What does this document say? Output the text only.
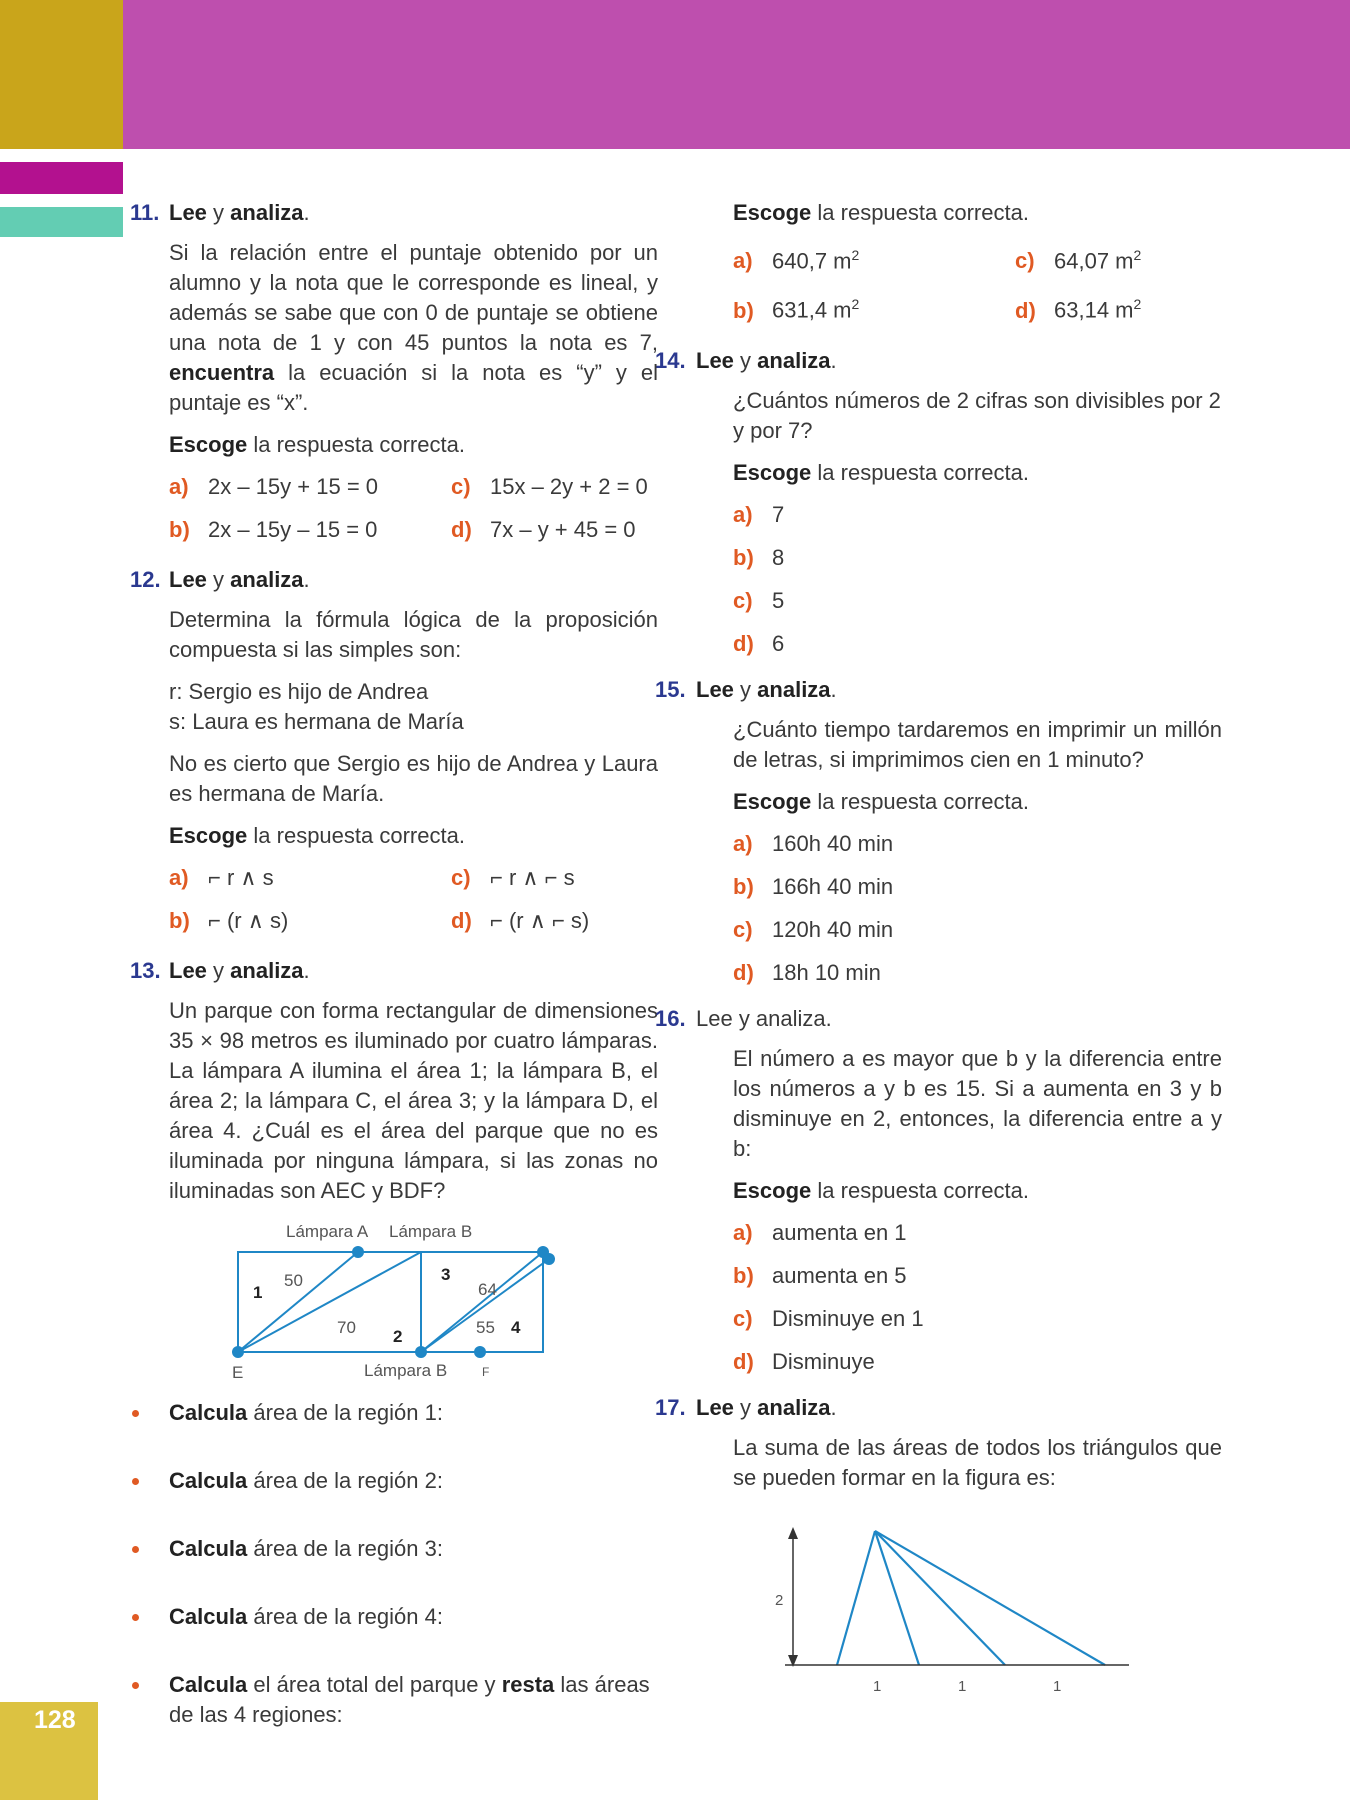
11. Lee y analiza.

Si la relación entre el puntaje obtenido por un alumno y la nota que le corresponde es lineal, y además se sabe que con 0 de puntaje se obtiene una nota de 1 y con 45 puntos la nota es 7, encuentra la ecuación si la nota es “y” y el puntaje es “x”.

Escoge la respuesta correcta.

a) 2x – 15y + 15 = 0	c) 15x – 2y + 2 = 0
b) 2x – 15y – 15 = 0	d) 7x – y + 45 = 0
12. Lee y analiza.

Determina la fórmula lógica de la proposición compuesta si las simples son:

r: Sergio es hijo de Andrea

s: Laura es hermana de María

No es cierto que Sergio es hijo de Andrea y Laura es hermana de María.

Escoge la respuesta correcta.

a) ⌐ r ∧ s	c) ⌐ r ∧ ⌐ s
b) ⌐ (r ∧ s)	d) ⌐ (r ∧ ⌐ s)
13. Lee y analiza.

Un parque con forma rectangular de dimensiones 35 × 98 metros es iluminado por cuatro lámparas. La lámpara A ilumina el área 1; la lámpara B, el área 2; la lámpara C, el área 3; y la lámpara D, el área 4. ¿Cuál es el área del parque que no es iluminada por ninguna lámpara, si las zonas no iluminadas son AEC y BDF?

Lámpara A Lámpara B
E	Lámpara B	F
1
50
70 2
3
64
55 4
Calcula área de la región 1:
Calcula área de la región 2:
Calcula área de la región 3:
Calcula área de la región 4:
Calcula el área total del parque y resta las áreas de las 4 regiones:

Escoge la respuesta correcta.

a) 640,7 $m^2$	c) 64,07 $m^2$
b) 631,4 $m^2$	d) 63,14 $m^2$
14. Lee y analiza.

¿Cuántos números de 2 cifras son divisibles por 2 y por 7?

Escoge la respuesta correcta.

a) 7
b) 8
c) 5
d) 6
15. Lee y analiza.

¿Cuánto tiempo tardaremos en imprimir un millón de letras, si imprimimos cien en 1 minuto?

Escoge la respuesta correcta.

a) 160h 40 min
b) 166h 40 min
c) 120h 40 min
d) 18h 10 min
16. Lee y analiza.

El número a es mayor que b y la diferencia entre los números a y b es 15. Si a aumenta en 3 y b disminuye en 2, entonces, la diferencia entre a y b:

Escoge la respuesta correcta.

a) aumenta en 1
b) aumenta en 5
c) Disminuye en 1
d) Disminuye
17. Lee y analiza.

La suma de las áreas de todos los triángulos que se pueden formar en la figura es:

2
1	1	1
128
